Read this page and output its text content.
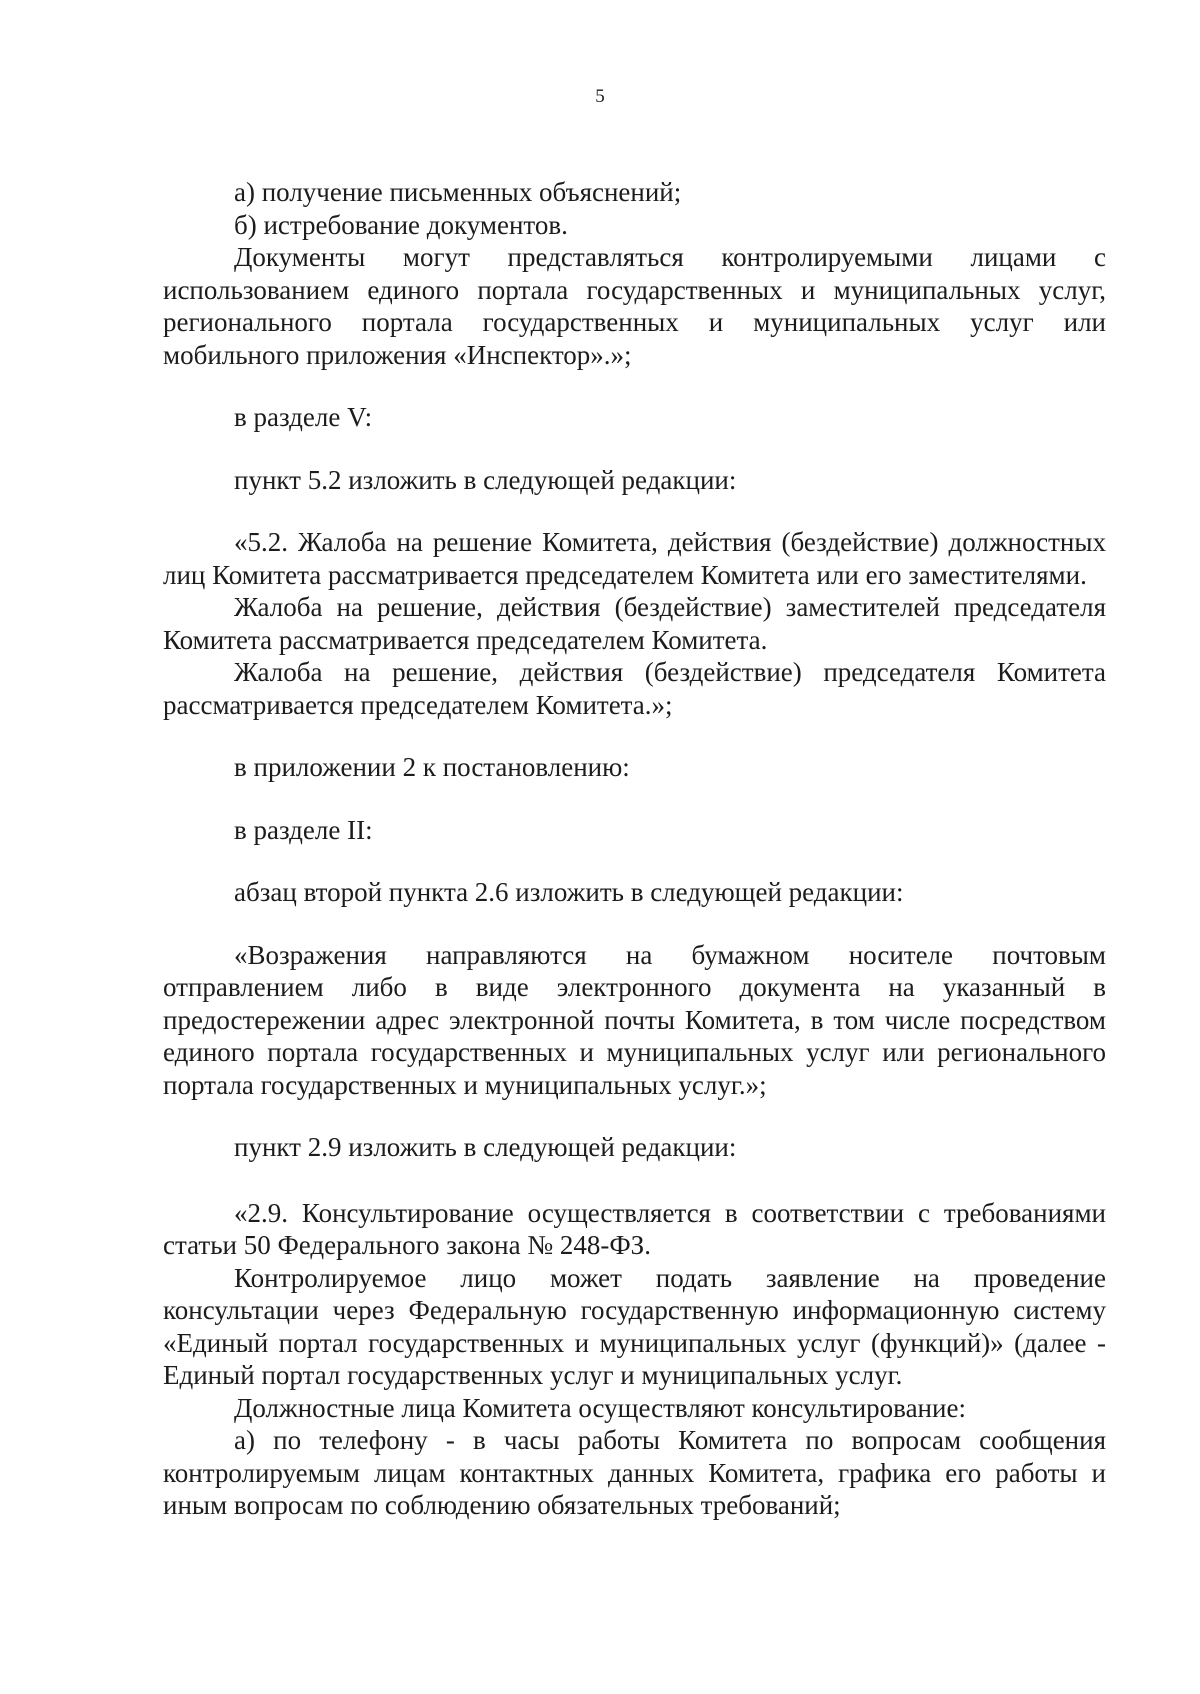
5

а) получение письменных объяснений;

б) истребование документов.

Документы могут представляться контролируемыми лицами с использованием единого портала государственных и муниципальных услуг, регионального портала государственных и муниципальных услуг или мобильного приложения «Инспектор».»;

в разделе V:

пункт 5.2 изложить в следующей редакции:

«5.2. Жалоба на решение Комитета, действия (бездействие) должностных лиц Комитета рассматривается председателем Комитета или его заместителями.

Жалоба на решение, действия (бездействие) заместителей председателя Комитета рассматривается председателем Комитета.

Жалоба на решение, действия (бездействие) председателя Комитета рассматривается председателем Комитета.»;

в приложении 2 к постановлению:

в разделе II:

абзац второй пункта 2.6 изложить в следующей редакции:

«Возражения направляются на бумажном носителе почтовым отправлением либо в виде электронного документа на указанный в предостережении адрес электронной почты Комитета, в том числе посредством единого портала государственных и муниципальных услуг или регионального портала государственных и муниципальных услуг.»;

пункт 2.9 изложить в следующей редакции:

«2.9. Консультирование осуществляется в соответствии с требованиями статьи 50 Федерального закона № 248-ФЗ.

Контролируемое лицо может подать заявление на проведение консультации через Федеральную государственную информационную систему «Единый портал государственных и муниципальных услуг (функций)» (далее - Единый портал государственных услуг и муниципальных услуг.

Должностные лица Комитета осуществляют консультирование:

а) по телефону - в часы работы Комитета по вопросам сообщения контролируемым лицам контактных данных Комитета, графика его работы и иным вопросам по соблюдению обязательных требований;
